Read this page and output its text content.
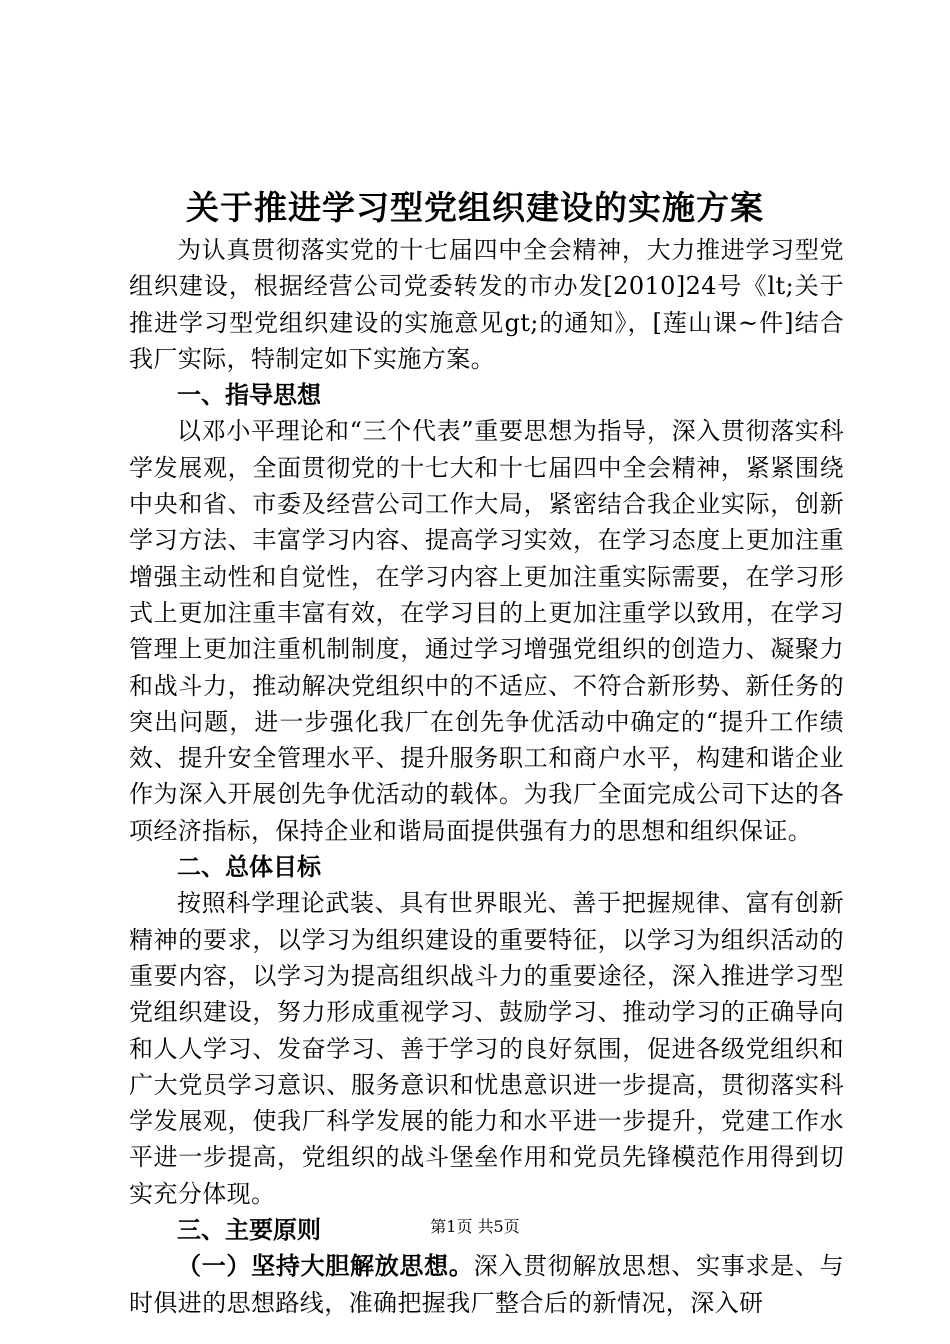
关于推进学习型党组织建设的实施方案

为认真贯彻落实党的十七届四中全会精神，大力推进学习型党组织建设，根据经营公司党委转发的市办发[2010]24号《lt;关于推进学习型党组织建设的实施意见gt;的通知》，[莲山课~件]结合我厂实际，特制定如下实施方案。

一、指导思想

以邓小平理论和“三个代表”重要思想为指导，深入贯彻落实科学发展观，全面贯彻党的十七大和十七届四中全会精神，紧紧围绕中央和省、市委及经营公司工作大局，紧密结合我企业实际，创新学习方法、丰富学习内容、提高学习实效，在学习态度上更加注重增强主动性和自觉性，在学习内容上更加注重实际需要，在学习形式上更加注重丰富有效，在学习目的上更加注重学以致用，在学习管理上更加注重机制制度，通过学习增强党组织的创造力、凝聚力和战斗力，推动解决党组织中的不适应、不符合新形势、新任务的突出问题，进一步强化我厂在创先争优活动中确定的“提升工作绩效、提升安全管理水平、提升服务职工和商户水平，构建和谐企业作为深入开展创先争优活动的载体。为我厂全面完成公司下达的各项经济指标，保持企业和谐局面提供强有力的思想和组织保证。

二、总体目标

按照科学理论武装、具有世界眼光、善于把握规律、富有创新精神的要求，以学习为组织建设的重要特征，以学习为组织活动的重要内容，以学习为提高组织战斗力的重要途径，深入推进学习型党组织建设，努力形成重视学习、鼓励学习、推动学习的正确导向和人人学习、发奋学习、善于学习的良好氛围，促进各级党组织和广大党员学习意识、服务意识和忧患意识进一步提高，贯彻落实科学发展观，使我厂科学发展的能力和水平进一步提升，党建工作水平进一步提高，党组织的战斗堡垒作用和党员先锋模范作用得到切实充分体现。

三、主要原则

（一）坚持大胆解放思想。深入贯彻解放思想、实事求是、与时俱进的思想路线，准确把握我厂整合后的新情况，深入研

第1页 共5页
